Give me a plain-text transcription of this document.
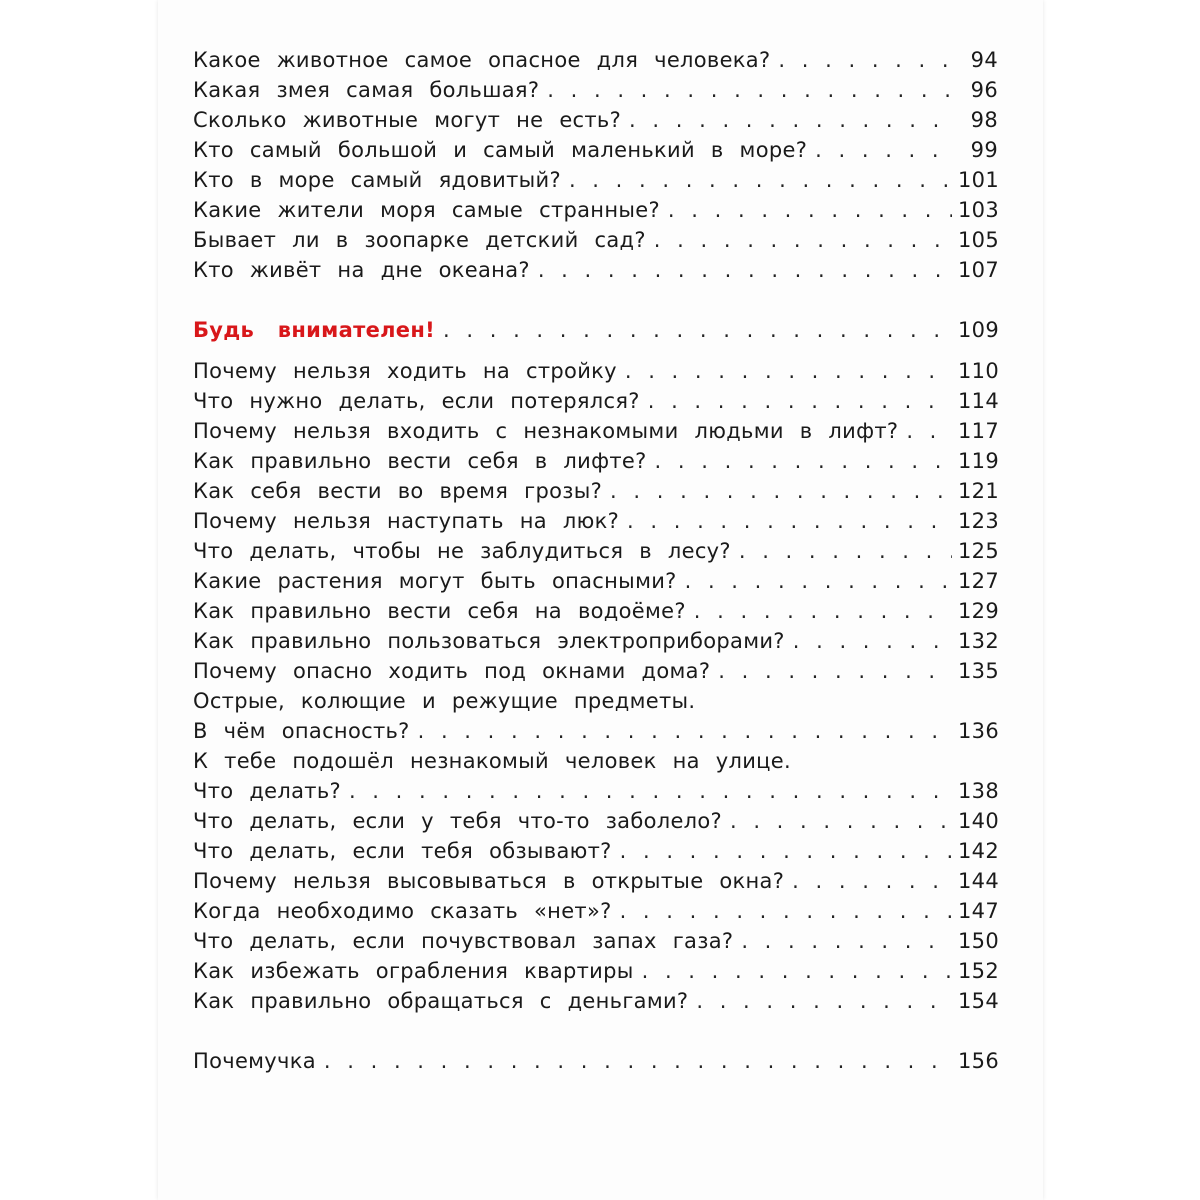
Какое животное самое опасное для человека? . . .	94
Какая змея самая большая? . . .	96
Сколько животные могут не есть? . . .	98
Кто самый большой и самый маленький в море? . . .	99
Кто в море самый ядовитый? . . .	101
Какие жители моря самые странные? . . .	103
Бывает ли в зоопарке детский сад? . . .	105
Кто живёт на дне океана? . . .	107
Будь внимателен! . . .	109
Почему нельзя ходить на стройку . . .	110
Что нужно делать, если потерялся? . . .	114
Почему нельзя входить с незнакомыми людьми в лифт? . . .	117
Как правильно вести себя в лифте? . . .	119
Как себя вести во время грозы? . . .	121
Почему нельзя наступать на люк? . . .	123
Что делать, чтобы не заблудиться в лесу? . . .	125
Какие растения могут быть опасными? . . .	127
Как правильно вести себя на водоёме? . . .	129
Как правильно пользоваться электроприборами? . . .	132
Почему опасно ходить под окнами дома? . . .	135
Острые, колющие и режущие предметы.
В чём опасность? . . .	136
К тебе подошёл незнакомый человек на улице.
Что делать? . . .	138
Что делать, если у тебя что-то заболело? . . .	140
Что делать, если тебя обзывают? . . .	142
Почему нельзя высовываться в открытые окна? . . .	144
Когда необходимо сказать «нет»? . . .	147
Что делать, если почувствовал запах газа? . . .	150
Как избежать ограбления квартиры . . .	152
Как правильно обращаться с деньгами? . . .	154
Почемучка . . .	156
